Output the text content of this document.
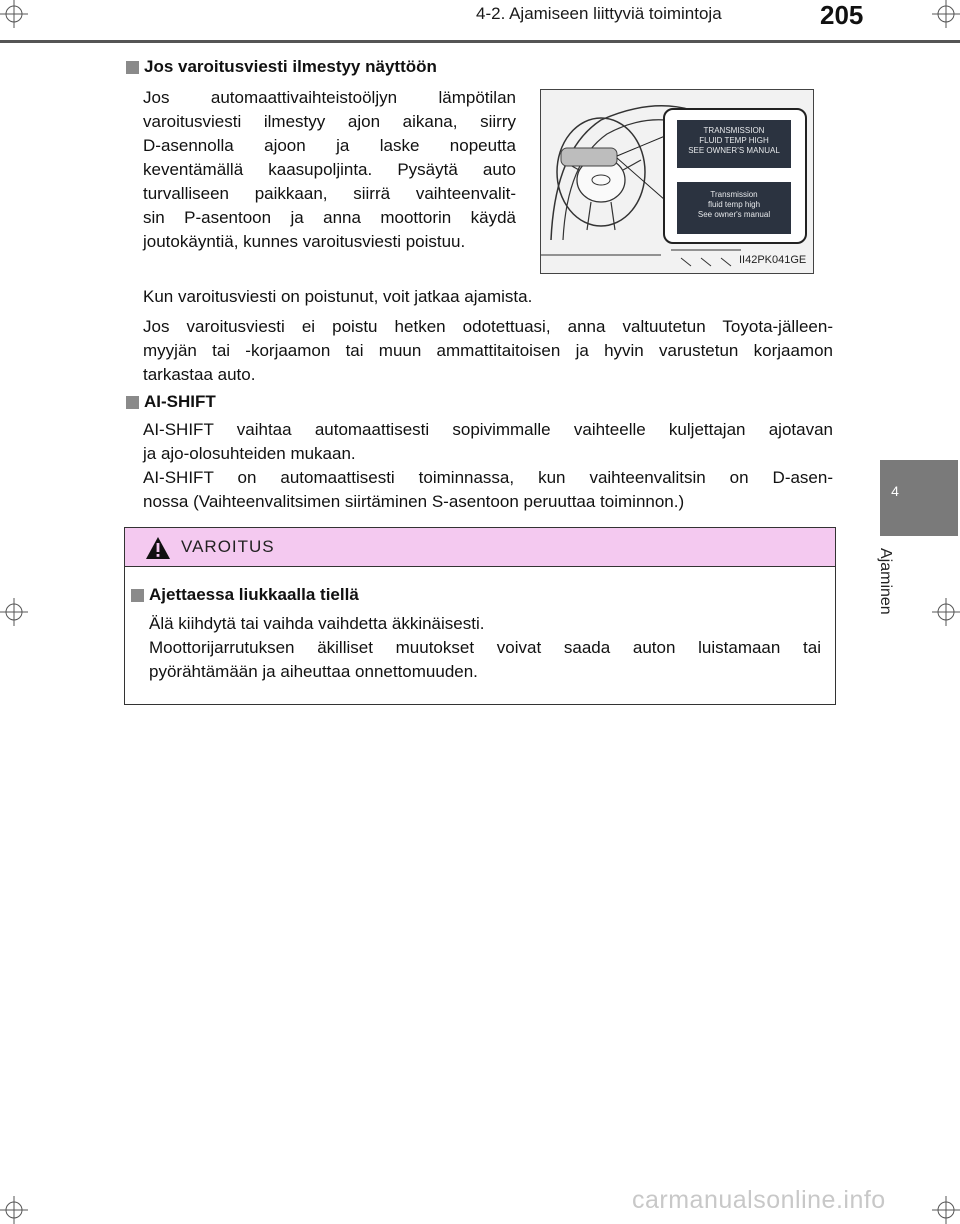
4-2. Ajamiseen liittyviä toimintoja	205
4
Ajaminen
Jos varoitusviesti ilmestyy näyttöön
Jos automaattivaihteistoöljyn lämpötilan
varoitusviesti ilmestyy ajon aikana, siirry
D-asennolla ajoon ja laske nopeutta
keventämällä kaasupoljinta. Pysäytä auto
turvalliseen paikkaan, siirrä vaihteenvalit-
sin P-asentoon ja anna moottorin käydä
joutokäyntiä, kunnes varoitusviesti poistuu.
TRANSMISSION
FLUID TEMP HIGH
SEE OWNER’S MANUAL
Transmission
fluid temp high
See owner's manual
II42PK041GE
Kun varoitusviesti on poistunut, voit jatkaa ajamista.
Jos varoitusviesti ei poistu hetken odotettuasi, anna valtuutetun Toyota-jälleen-
myyjän tai -korjaamon tai muun ammattitaitoisen ja hyvin varustetun korjaamon
tarkastaa auto.
AI-SHIFT
AI-SHIFT vaihtaa automaattisesti sopivimmalle vaihteelle kuljettajan ajotavan
ja ajo-olosuhteiden mukaan.
AI-SHIFT on automaattisesti toiminnassa, kun vaihteenvalitsin on D-asen-
nossa (Vaihteenvalitsimen siirtäminen S-asentoon peruuttaa toiminnon.)
VAROITUS
Ajettaessa liukkaalla tiellä
Älä kiihdytä tai vaihda vaihdetta äkkinäisesti.
Moottorijarrutuksen äkilliset muutokset voivat saada auton luistamaan tai
pyörähtämään ja aiheuttaa onnettomuuden.
carmanualsonline.info
